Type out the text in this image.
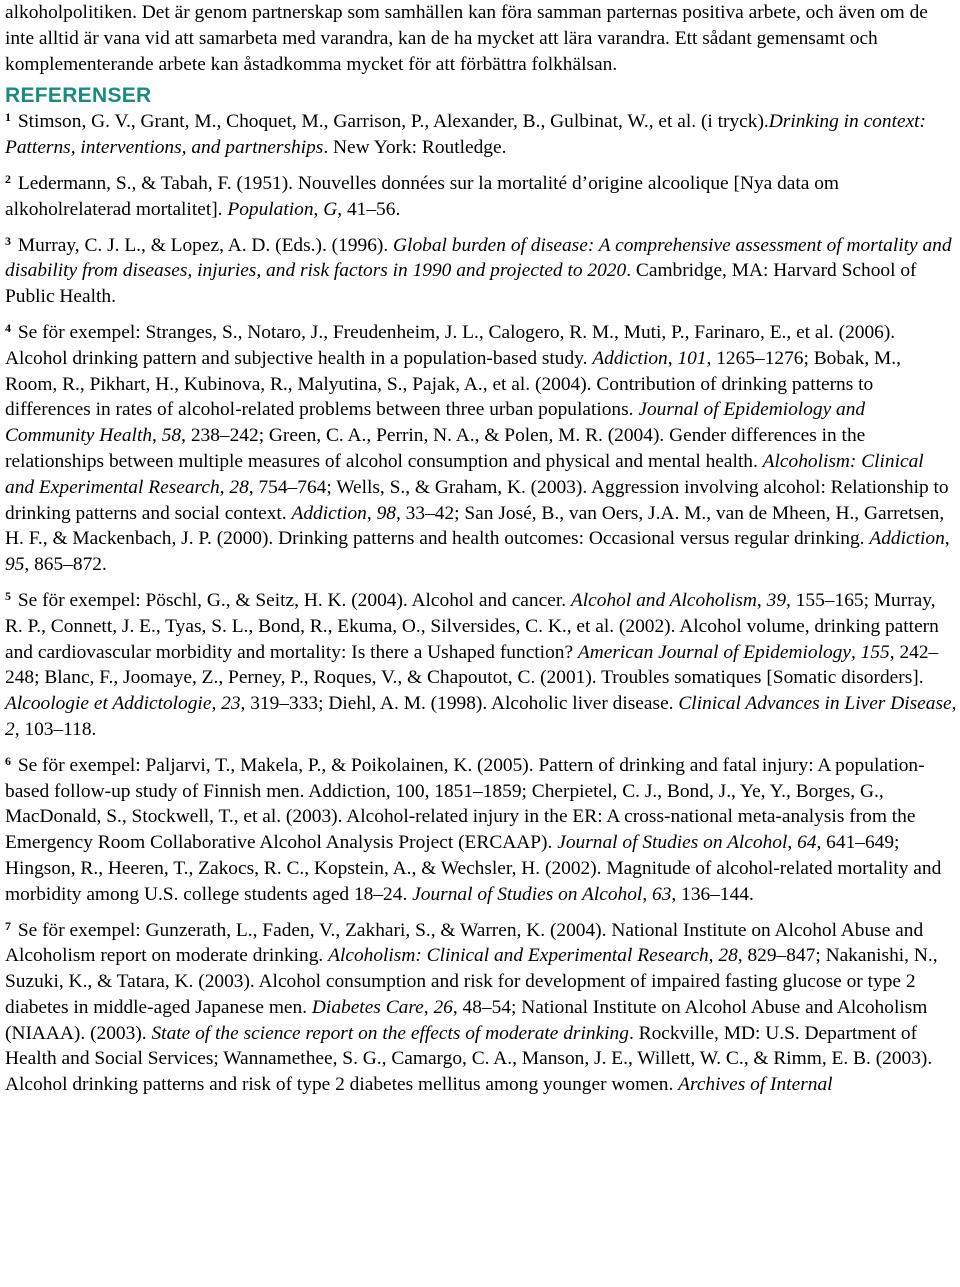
alkoholpolitiken. Det är genom partnerskap som samhällen kan föra samman parternas positiva arbete, och även om de inte alltid är vana vid att samarbeta med varandra, kan de ha mycket att lära varandra. Ett sådant gemensamt och komplementerande arbete kan åstadkomma mycket för att förbättra folkhälsan.

REFERENSER

$^1$ Stimson, G. V., Grant, M., Choquet, M., Garrison, P., Alexander, B., Gulbinat, W., et al. (i tryck).Drinking in context: Patterns, interventions, and partnerships. New York: Routledge.

$^2$ Ledermann, S., & Tabah, F. (1951). Nouvelles données sur la mortalité d’origine alcoolique [Nya data om alkoholrelaterad mortalitet]. Population, G, 41–56.

$^3$ Murray, C. J. L., & Lopez, A. D. (Eds.). (1996). Global burden of disease: A comprehensive assessment of mortality and disability from diseases, injuries, and risk factors in 1990 and projected to 2020. Cambridge, MA: Harvard School of Public Health.

$^4$ Se för exempel: Stranges, S., Notaro, J., Freudenheim, J. L., Calogero, R. M., Muti, P., Farinaro, E., et al. (2006). Alcohol drinking pattern and subjective health in a population-based study. Addiction, 101, 1265–1276; Bobak, M., Room, R., Pikhart, H., Kubinova, R., Malyutina, S., Pajak, A., et al. (2004). Contribution of drinking patterns to differences in rates of alcohol-related problems between three urban populations. Journal of Epidemiology and Community Health, 58, 238–242; Green, C. A., Perrin, N. A., & Polen, M. R. (2004). Gender differences in the relationships between multiple measures of alcohol consumption and physical and mental health. Alcoholism: Clinical and Experimental Research, 28, 754–764; Wells, S., & Graham, K. (2003). Aggression involving alcohol: Relationship to drinking patterns and social context. Addiction, 98, 33–42; San José, B., van Oers, J.A. M., van de Mheen, H., Garretsen, H. F., & Mackenbach, J. P. (2000). Drinking patterns and health outcomes: Occasional versus regular drinking. Addiction, 95, 865–872.

$^5$ Se för exempel: Pöschl, G., & Seitz, H. K. (2004). Alcohol and cancer. Alcohol and Alcoholism, 39, 155–165; Murray, R. P., Connett, J. E., Tyas, S. L., Bond, R., Ekuma, O., Silversides, C. K., et al. (2002). Alcohol volume, drinking pattern and cardiovascular morbidity and mortality: Is there a Ushaped function? American Journal of Epidemiology, 155, 242–248; Blanc, F., Joomaye, Z., Perney, P., Roques, V., & Chapoutot, C. (2001). Troubles somatiques [Somatic disorders]. Alcoologie et Addictologie, 23, 319–333; Diehl, A. M. (1998). Alcoholic liver disease. Clinical Advances in Liver Disease, 2, 103–118.

$^6$ Se för exempel: Paljarvi, T., Makela, P., & Poikolainen, K. (2005). Pattern of drinking and fatal injury: A population-based follow-up study of Finnish men. Addiction, 100, 1851–1859; Cherpietel, C. J., Bond, J., Ye, Y., Borges, G., MacDonald, S., Stockwell, T., et al. (2003). Alcohol-related injury in the ER: A cross-national meta-analysis from the Emergency Room Collaborative Alcohol Analysis Project (ERCAAP). Journal of Studies on Alcohol, 64, 641–649; Hingson, R., Heeren, T., Zakocs, R. C., Kopstein, A., & Wechsler, H. (2002). Magnitude of alcohol-related mortality and morbidity among U.S. college students aged 18–24. Journal of Studies on Alcohol, 63, 136–144.

$^7$ Se för exempel: Gunzerath, L., Faden, V., Zakhari, S., & Warren, K. (2004). National Institute on Alcohol Abuse and Alcoholism report on moderate drinking. Alcoholism: Clinical and Experimental Research, 28, 829–847; Nakanishi, N., Suzuki, K., & Tatara, K. (2003). Alcohol consumption and risk for development of impaired fasting glucose or type 2 diabetes in middle-aged Japanese men. Diabetes Care, 26, 48–54; National Institute on Alcohol Abuse and Alcoholism (NIAAA). (2003). State of the science report on the effects of moderate drinking. Rockville, MD: U.S. Department of Health and Social Services; Wannamethee, S. G., Camargo, C. A., Manson, J. E., Willett, W. C., & Rimm, E. B. (2003). Alcohol drinking patterns and risk of type 2 diabetes mellitus among younger women. Archives of Internal
